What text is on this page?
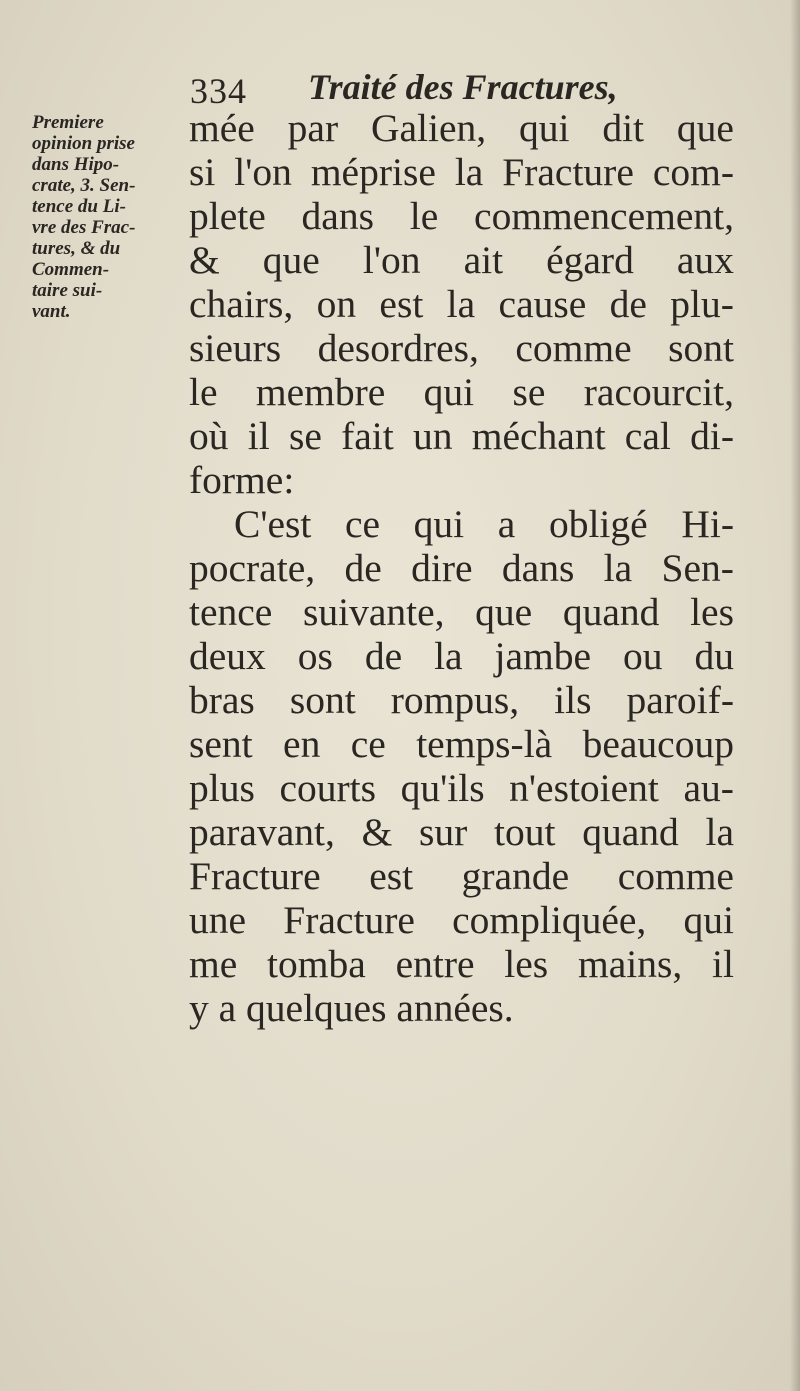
334 Traité des Fractures,
Premiere
opinion prise
dans Hipo-
crate, 3. Sen-
tence du Li-
vre des Frac-
tures, & du
Commen-
taire sui-
vant.
mée par Galien, qui dit que
si l'on méprise la Fracture com-
plete dans le commencement,
& que l'on ait égard aux
chairs, on est la cause de plu-
sieurs desordres, comme sont
le membre qui se racourcit,
où il se fait un méchant cal di-
forme:
C'est ce qui a obligé Hi-
pocrate, de dire dans la Sen-
tence suivante, que quand les
deux os de la jambe ou du
bras sont rompus, ils paroif-
sent en ce temps-là beaucoup
plus courts qu'ils n'estoient au-
paravant, & sur tout quand la
Fracture est grande comme
une Fracture compliquée, qui
me tomba entre les mains, il
y a quelques années.
